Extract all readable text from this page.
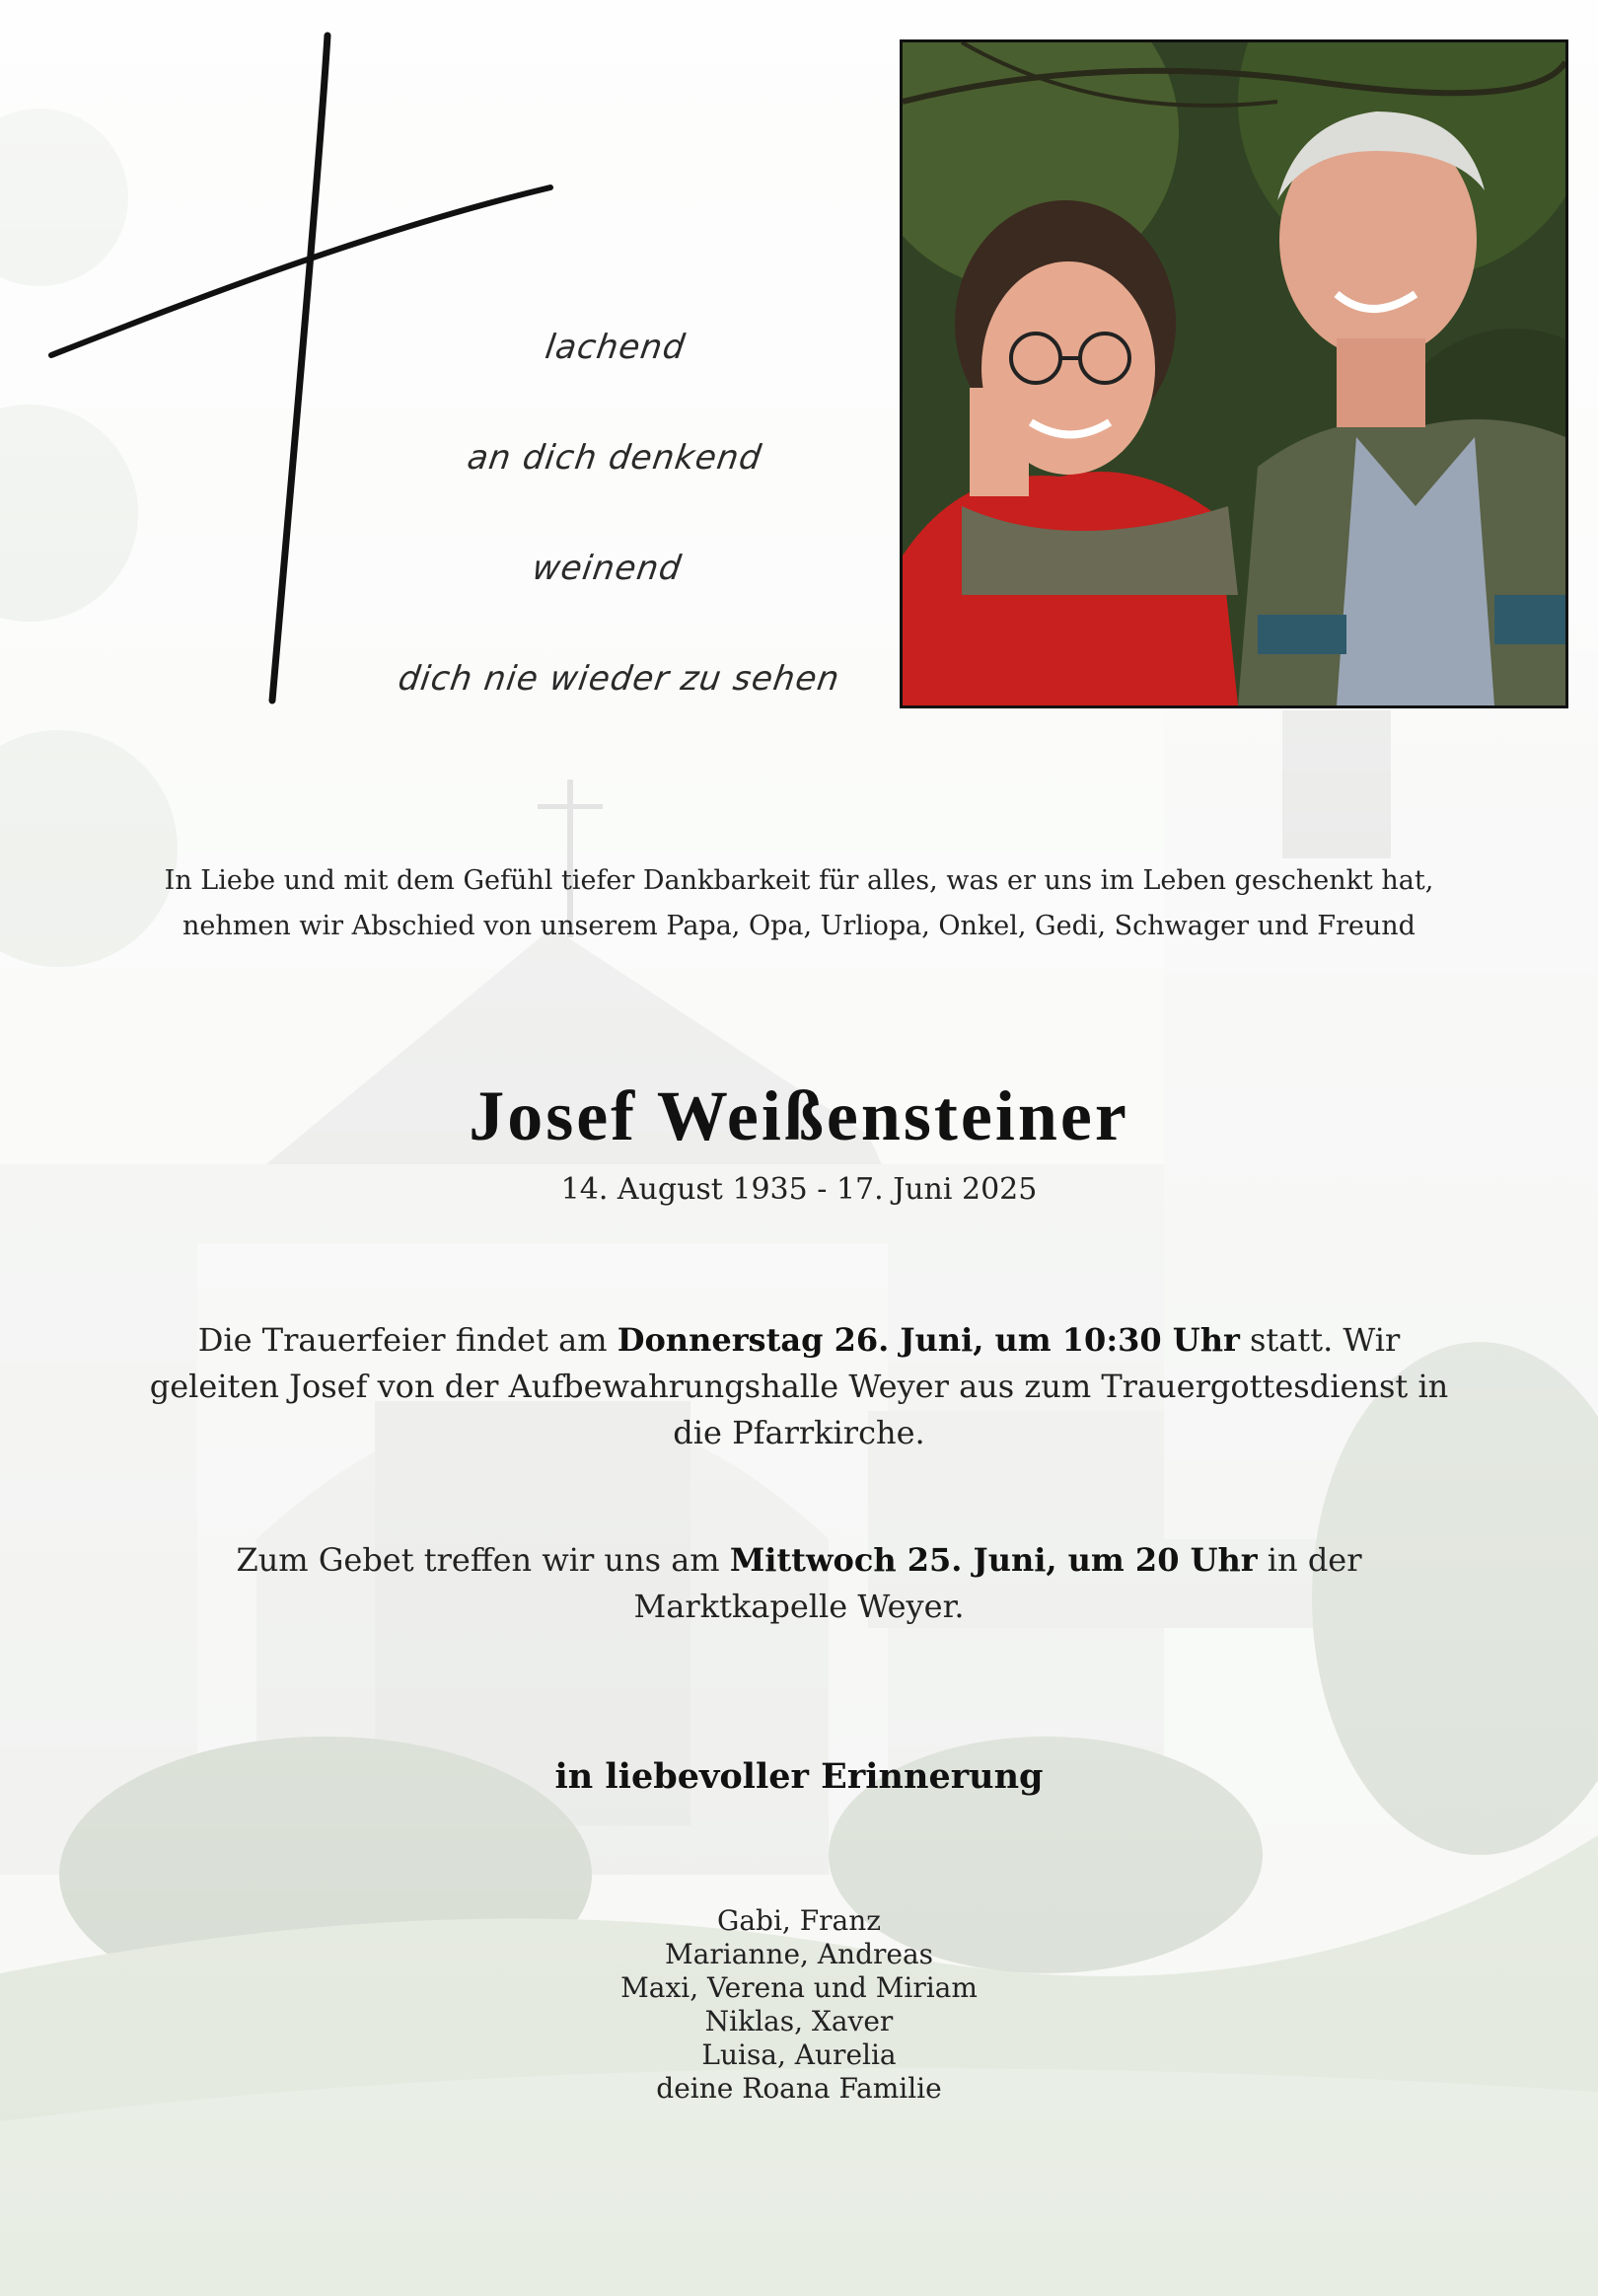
lachend
an dich denkend
weinend
dich nie wieder zu sehen
In Liebe und mit dem Gefühl tiefer Dankbarkeit für alles, was er uns im Leben geschenkt hat,
nehmen wir Abschied von unserem Papa, Opa, Urliopa, Onkel, Gedi, Schwager und Freund
Josef Weißensteiner
14. August 1935 - 17. Juni 2025
Die Trauerfeier findet am Donnerstag 26. Juni, um 10:30 Uhr statt. Wir geleiten Josef von der Aufbewahrungshalle Weyer aus zum Trauergottesdienst in die Pfarrkirche.
Zum Gebet treffen wir uns am Mittwoch 25. Juni, um 20 Uhr in der Marktkapelle Weyer.
in liebevoller Erinnerung
Gabi, Franz
Marianne, Andreas
Maxi, Verena und Miriam
Niklas, Xaver
Luisa, Aurelia
deine Roana Familie
